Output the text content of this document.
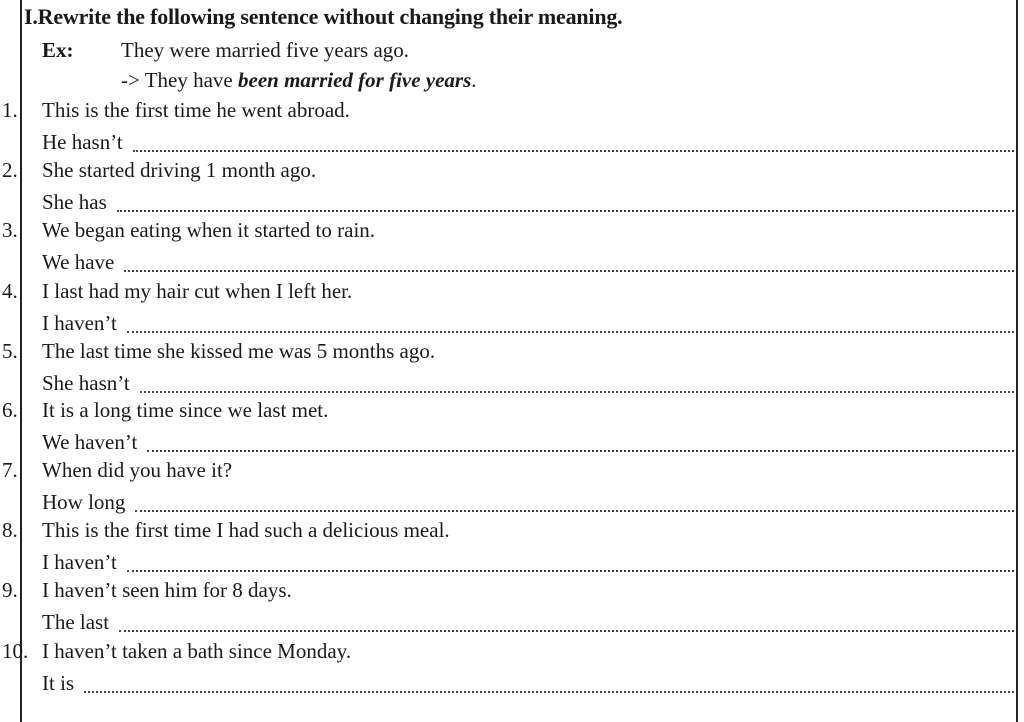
I.Rewrite the following sentence without changing their meaning.
Ex: They were married five years ago.
-> They have been married for five years.
1. This is the first time he went abroad.
He hasn’t
2. She started driving 1 month ago.
She has
3. We began eating when it started to rain.
We have
4. I last had my hair cut when I left her.
I haven’t
5. The last time she kissed me was 5 months ago.
She hasn’t
6. It is a long time since we last met.
We haven’t
7. When did you have it?
How long
8. This is the first time I had such a delicious meal.
I haven’t
9. I haven’t seen him for 8 days.
The last
10. I haven’t taken a bath since Monday.
It is
